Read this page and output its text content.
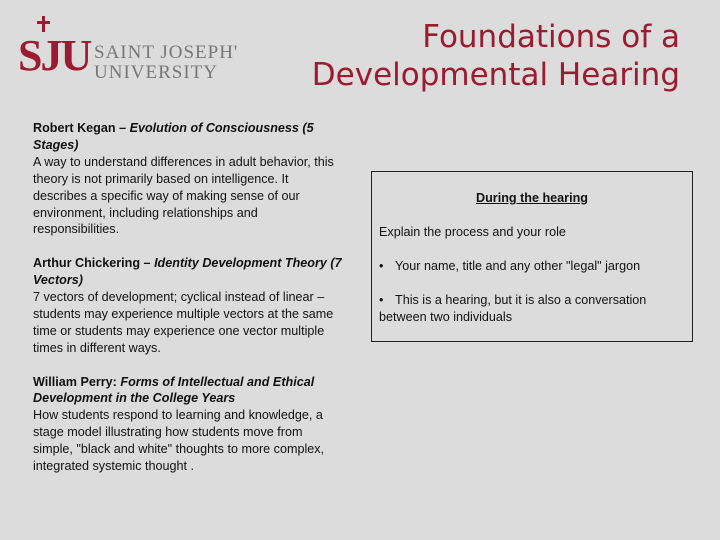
SJU SAINT JOSEPH'S
UNIVERSITY
Foundations of a
Developmental Hearing
Robert Kegan – Evolution of Consciousness (5 Stages)
A way to understand differences in adult behavior, this theory is not primarily based on intelligence. It describes a specific way of making sense of our environment, including relationships and responsibilities.
Arthur Chickering – Identity Development Theory (7 Vectors)
7 vectors of development; cyclical instead of linear – students may experience multiple vectors at the same time or students may experience one vector multiple times in different ways.
William Perry: Forms of Intellectual and Ethical Development in the College Years
How students respond to learning and knowledge, a stage model illustrating how students move from simple, "black and white" thoughts to more complex, integrated systemic thought .
During the hearing
Explain the process and your role
• Your name, title and any other "legal" jargon
• This is a hearing, but it is also a conversation between two individuals
